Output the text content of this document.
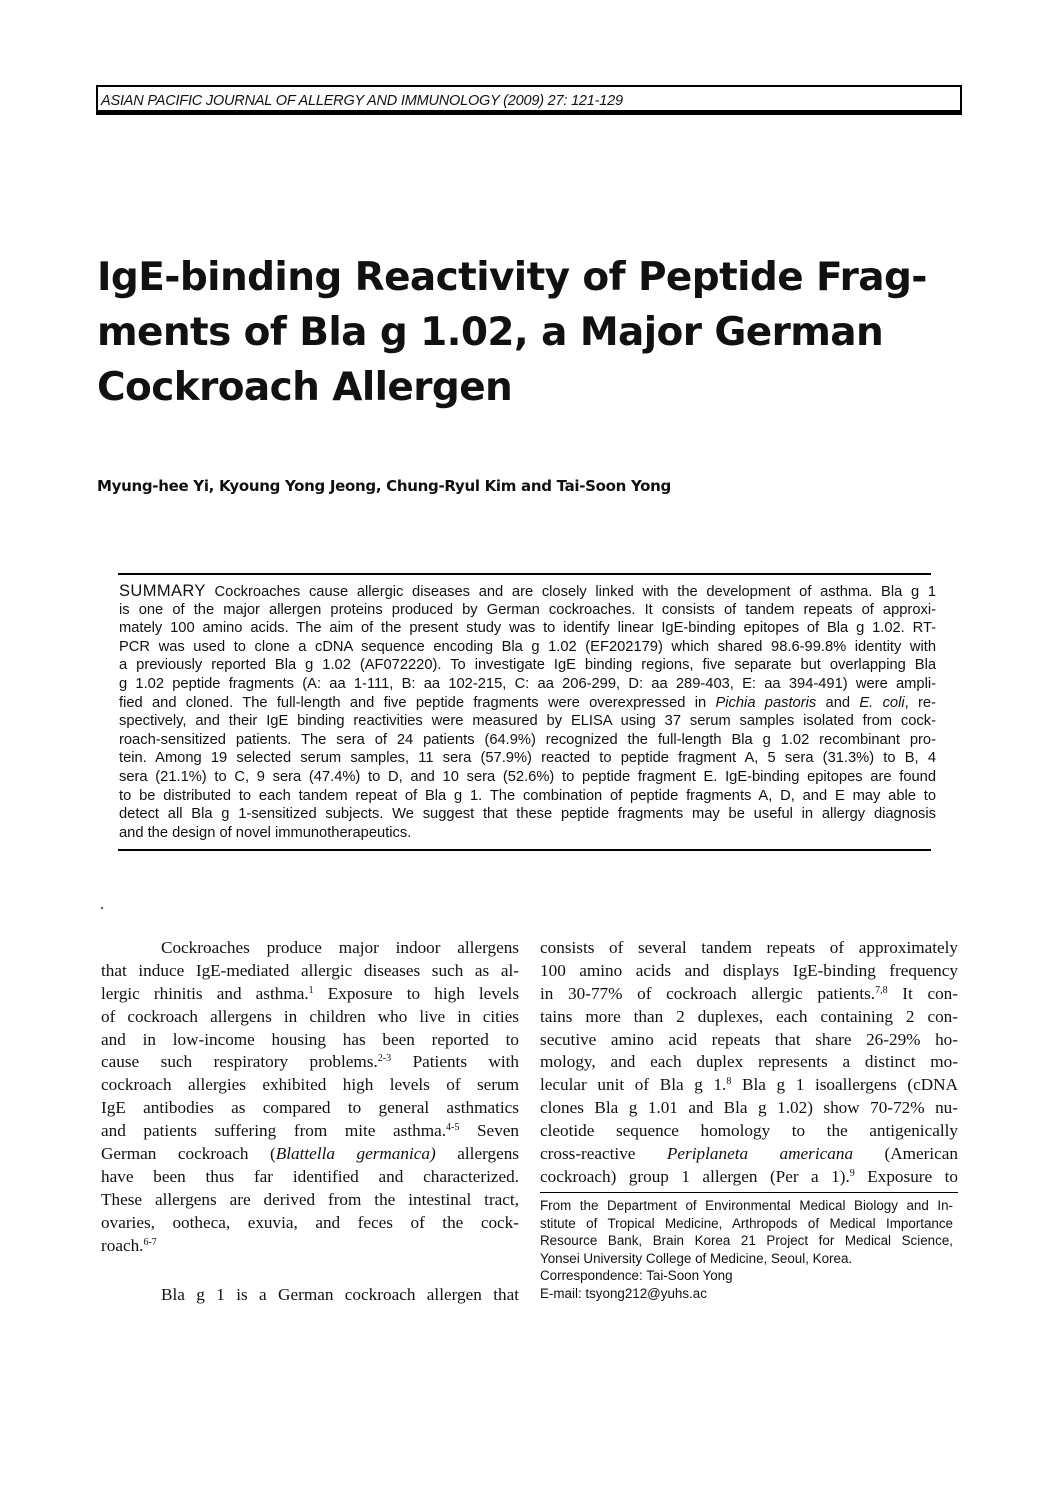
ASIAN PACIFIC JOURNAL OF ALLERGY AND IMMUNOLOGY (2009) 27: 121-129
IgE-binding Reactivity of Peptide Frag-
ments of Bla g 1.02, a Major German
Cockroach Allergen
Myung-hee Yi, Kyoung Yong Jeong, Chung-Ryul Kim and Tai-Soon Yong
SUMMARY Cockroaches cause allergic diseases and are closely linked with the development of asthma. Bla g 1
is one of the major allergen proteins produced by German cockroaches. It consists of tandem repeats of approxi-
mately 100 amino acids. The aim of the present study was to identify linear IgE-binding epitopes of Bla g 1.02. RT-
PCR was used to clone a cDNA sequence encoding Bla g 1.02 (EF202179) which shared 98.6-99.8% identity with
a previously reported Bla g 1.02 (AF072220). To investigate IgE binding regions, five separate but overlapping Bla
g 1.02 peptide fragments (A: aa 1-111, B: aa 102-215, C: aa 206-299, D: aa 289-403, E: aa 394-491) were ampli-
fied and cloned. The full-length and five peptide fragments were overexpressed in Pichia pastoris and E. coli, re-
spectively, and their IgE binding reactivities were measured by ELISA using 37 serum samples isolated from cock-
roach-sensitized patients. The sera of 24 patients (64.9%) recognized the full-length Bla g 1.02 recombinant pro-
tein. Among 19 selected serum samples, 11 sera (57.9%) reacted to peptide fragment A, 5 sera (31.3%) to B, 4
sera (21.1%) to C, 9 sera (47.4%) to D, and 10 sera (52.6%) to peptide fragment E. IgE-binding epitopes are found
to be distributed to each tandem repeat of Bla g 1. The combination of peptide fragments A, D, and E may able to
detect all Bla g 1-sensitized subjects. We suggest that these peptide fragments may be useful in allergy diagnosis
and the design of novel immunotherapeutics.
.
Cockroaches produce major indoor allergens
that induce IgE-mediated allergic diseases such as al-
lergic rhinitis and asthma.$^1$ Exposure to high levels
of cockroach allergens in children who live in cities
and in low-income housing has been reported to
cause such respiratory problems.$^{2-3}$ Patients with
cockroach allergies exhibited high levels of serum
IgE antibodies as compared to general asthmatics
and patients suffering from mite asthma.$^{4-5}$ Seven
German cockroach (Blattella germanica) allergens
have been thus far identified and characterized.
These allergens are derived from the intestinal tract,
ovaries, ootheca, exuvia, and feces of the cock-
roach.$^{6-7}$
Bla g 1 is a German cockroach allergen that
consists of several tandem repeats of approximately
100 amino acids and displays IgE-binding frequency
in 30-77% of cockroach allergic patients.$^{7,8}$ It con-
tains more than 2 duplexes, each containing 2 con-
secutive amino acid repeats that share 26-29% ho-
mology, and each duplex represents a distinct mo-
lecular unit of Bla g 1.$^8$ Bla g 1 isoallergens (cDNA
clones Bla g 1.01 and Bla g 1.02) show 70-72% nu-
cleotide sequence homology to the antigenically
cross-reactive Periplaneta americana (American
cockroach) group 1 allergen (Per a 1).$^9$ Exposure to
From the Department of Environmental Medical Biology and In-
stitute of Tropical Medicine, Arthropods of Medical Importance
Resource Bank, Brain Korea 21 Project for Medical Science,
Yonsei University College of Medicine, Seoul, Korea.
Correspondence: Tai-Soon Yong
E-mail: tsyong212@yuhs.ac
